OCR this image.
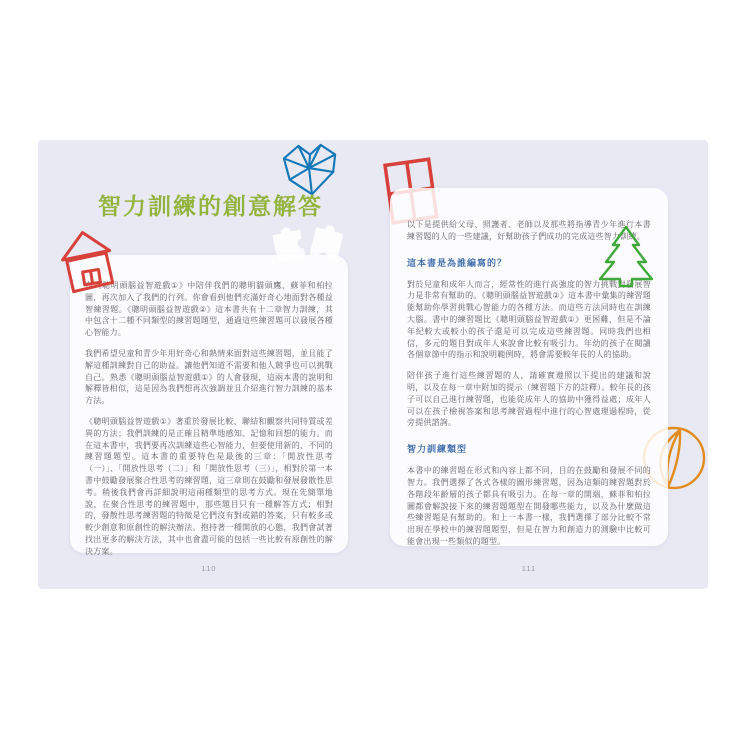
智力訓練的創意解答

在《聰明頭腦益智遊戲①》中陪伴我們的聰明貓頭鷹，蘇菲和柏拉圖，再次加入了我們的行列。你會看到他們充滿好奇心地面對各種益智練習題。《聰明頭腦益智遊戲②》這本書共有十二章智力訓練，其中包含十二種不同類型的練習題題型，通過這些練習題可以發展各種心智能力。

我們希望兒童和青少年用好奇心和熱情來面對這些練習題，並且能了解這種訓練對自己的助益。讓他們知道不需要和他人競爭也可以挑戰自己。熟悉《聰明頭腦益智遊戲①》的人會發現，這兩本書的說明和解釋皆相似，這是因為我們想再次強調並且介紹進行智力訓練的基本方法。

《聰明頭腦益智遊戲①》著重於發展比較、聯結和觀察共同特質或差異的方法；我們訓練的是正確且精準地感知、記憶和回想的能力。而在這本書中，我們要再次訓練這些心智能力，但要使用新的、不同的練習題題型。這本書的重要特色是最後的三章：「開放性思考（一）」、「開放性思考（二）」和「開放性思考（三）」，相對於第一本書中鼓勵發展聚合性思考的練習題，這三章則在鼓勵和發展發散性思考。稍後我們會再詳細說明這兩種類型的思考方式。現在先簡單地說，在聚合性思考的練習題中，那些題目只有一種解答方式；相對的，發散性思考練習題的特徵是它們沒有對或錯的答案，只有較多或較少創意和原創性的解決辦法。抱持著一種開放的心態，我們會試著找出更多的解決方法，其中也會盡可能的包括一些比較有原創性的解決方案。

110

以下是提供給父母、照護者、老師以及那些將指導青少年進行本書練習題的人的一些建議，好幫助孩子們成功的完成這些智力訓練。

這本書是為誰編寫的？

對於兒童和成年人而言，經常性的進行高強度的智力挑戰對發展智力是非常有幫助的。《聰明頭腦益智遊戲②》這本書中彙集的練習題能幫助你學習挑戰心智能力的各種方法。而這些方法同時也在訓練大腦。書中的練習題比《聰明頭腦益智遊戲①》更困難，但是不論年紀較大或較小的孩子還是可以完成這些練習題。同時我們也相信，多元的題目對成年人來說會比較有吸引力。年幼的孩子在閱讀各個章節中的指示和說明範例時，將會需要較年長的人的協助。

陪伴孩子進行這些練習題的人，請確實遵照以下提出的建議和說明，以及在每一章中附加的提示（練習題下方的註釋）。較年長的孩子可以自己進行練習題，也能從成年人的協助中獲得益處；成年人可以在孩子檢視答案和思考練習過程中進行的心智處理過程時，從旁提供諮詢。

智力訓練類型

本書中的練習題在形式和內容上都不同，目的在鼓勵和發展不同的智力。我們選擇了各式各樣的圖形練習題，因為這類的練習題對於各階段年齡層的孩子都具有吸引力。在每一章的開端，蘇菲和柏拉圖都會解說接下來的練習題題型在開發哪些能力，以及為什麼做這些練習題是有幫助的。和上一本書一樣，我們選擇了部分比較不常出現在學校中的練習題題型，但是在智力和創造力的測驗中比較可能會出現一些類似的題型。

111
